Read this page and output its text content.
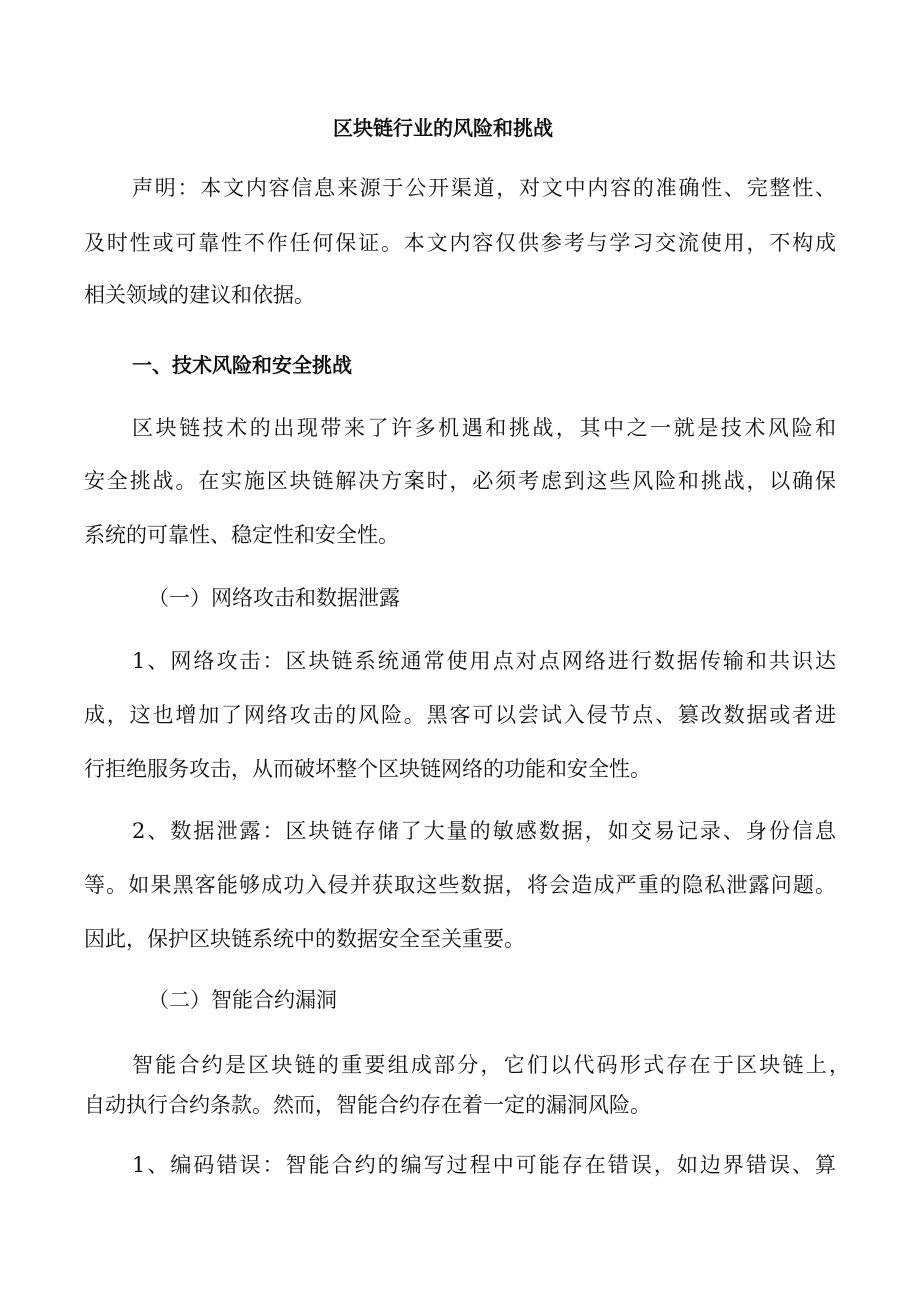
区块链行业的风险和挑战
声明：本文内容信息来源于公开渠道，对文中内容的准确性、完整性、
及时性或可靠性不作任何保证。本文内容仅供参考与学习交流使用，不构成
相关领域的建议和依据。
一、技术风险和安全挑战
区块链技术的出现带来了许多机遇和挑战，其中之一就是技术风险和
安全挑战。在实施区块链解决方案时，必须考虑到这些风险和挑战，以确保
系统的可靠性、稳定性和安全性。
（一）网络攻击和数据泄露
1、网络攻击：区块链系统通常使用点对点网络进行数据传输和共识达
成，这也增加了网络攻击的风险。黑客可以尝试入侵节点、篡改数据或者进
行拒绝服务攻击，从而破坏整个区块链网络的功能和安全性。
2、数据泄露：区块链存储了大量的敏感数据，如交易记录、身份信息
等。如果黑客能够成功入侵并获取这些数据，将会造成严重的隐私泄露问题。
因此，保护区块链系统中的数据安全至关重要。
（二）智能合约漏洞
智能合约是区块链的重要组成部分，它们以代码形式存在于区块链上，
自动执行合约条款。然而，智能合约存在着一定的漏洞风险。
1、编码错误：智能合约的编写过程中可能存在错误，如边界错误、算
